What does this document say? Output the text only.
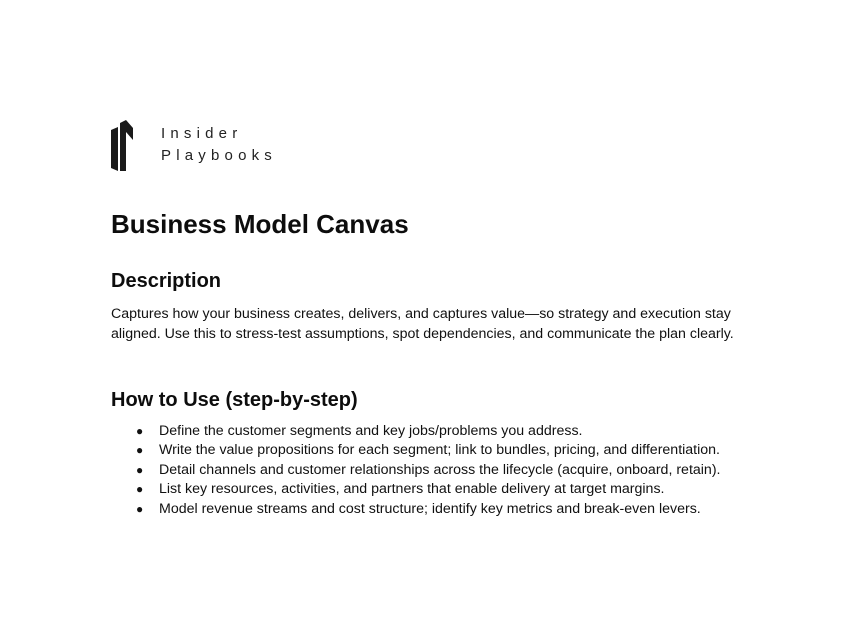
Insider
Playbooks
Business Model Canvas
Description

Captures how your business creates, delivers, and captures value—so strategy and execution stay aligned. Use this to stress-test assumptions, spot dependencies, and communicate the plan clearly.

How to Use (step-by-step)
● Define the customer segments and key jobs/problems you address.
● Write the value propositions for each segment; link to bundles, pricing, and differentiation.
● Detail channels and customer relationships across the lifecycle (acquire, onboard, retain).
● List key resources, activities, and partners that enable delivery at target margins.
● Model revenue streams and cost structure; identify key metrics and break-even levers.
